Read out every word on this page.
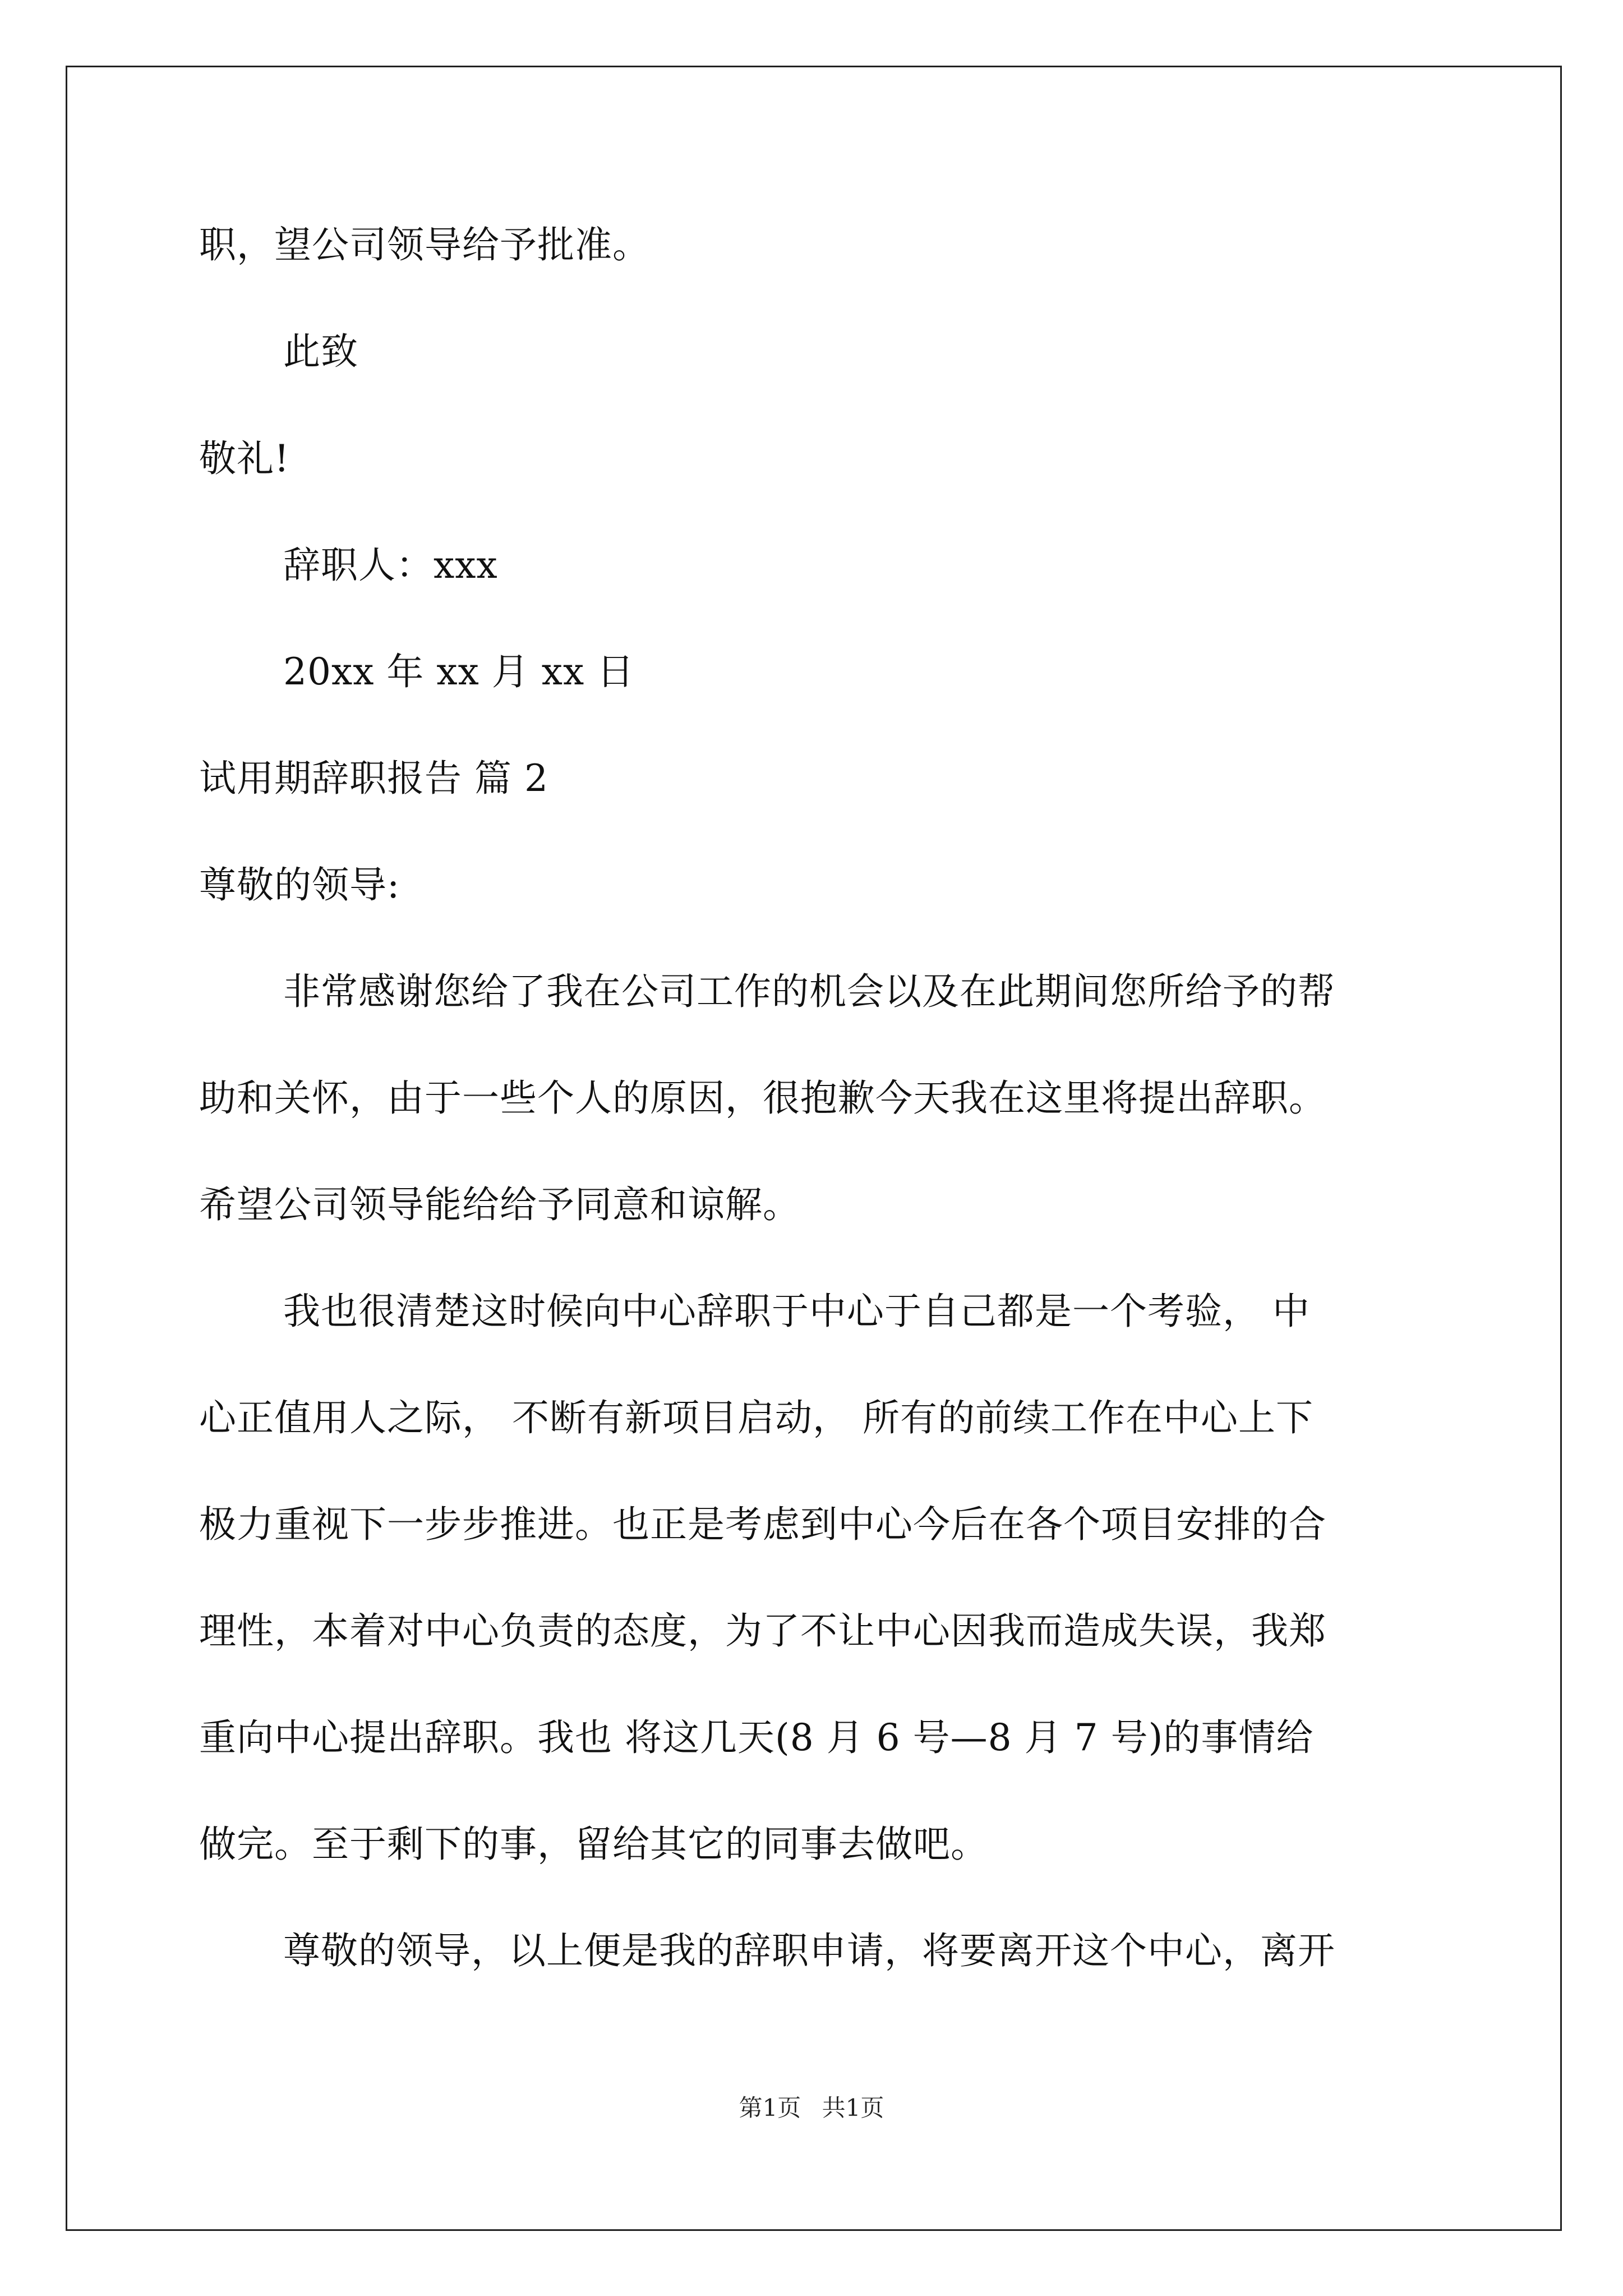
职，望公司领导给予批准。
此致
敬礼!
辞职人：xxx
20xx 年 xx 月 xx 日
试用期辞职报告 篇 2
尊敬的领导:
非常感谢您给了我在公司工作的机会以及在此期间您所给予的帮
助和关怀，由于一些个人的原因，很抱歉今天我在这里将提出辞职。
希望公司领导能给给予同意和谅解。
我也很清楚这时候向中心辞职于中心于自己都是一个考验， 中
心正值用人之际， 不断有新项目启动， 所有的前续工作在中心上下
极力重视下一步步推进。也正是考虑到中心今后在各个项目安排的合
理性，本着对中心负责的态度，为了不让中心因我而造成失误，我郑
重向中心提出辞职。我也 将这几天(8 月 6 号—8 月 7 号)的事情给
做完。至于剩下的事，留给其它的同事去做吧。
尊敬的领导，以上便是我的辞职申请，将要离开这个中心，离开
第1页 共1页
